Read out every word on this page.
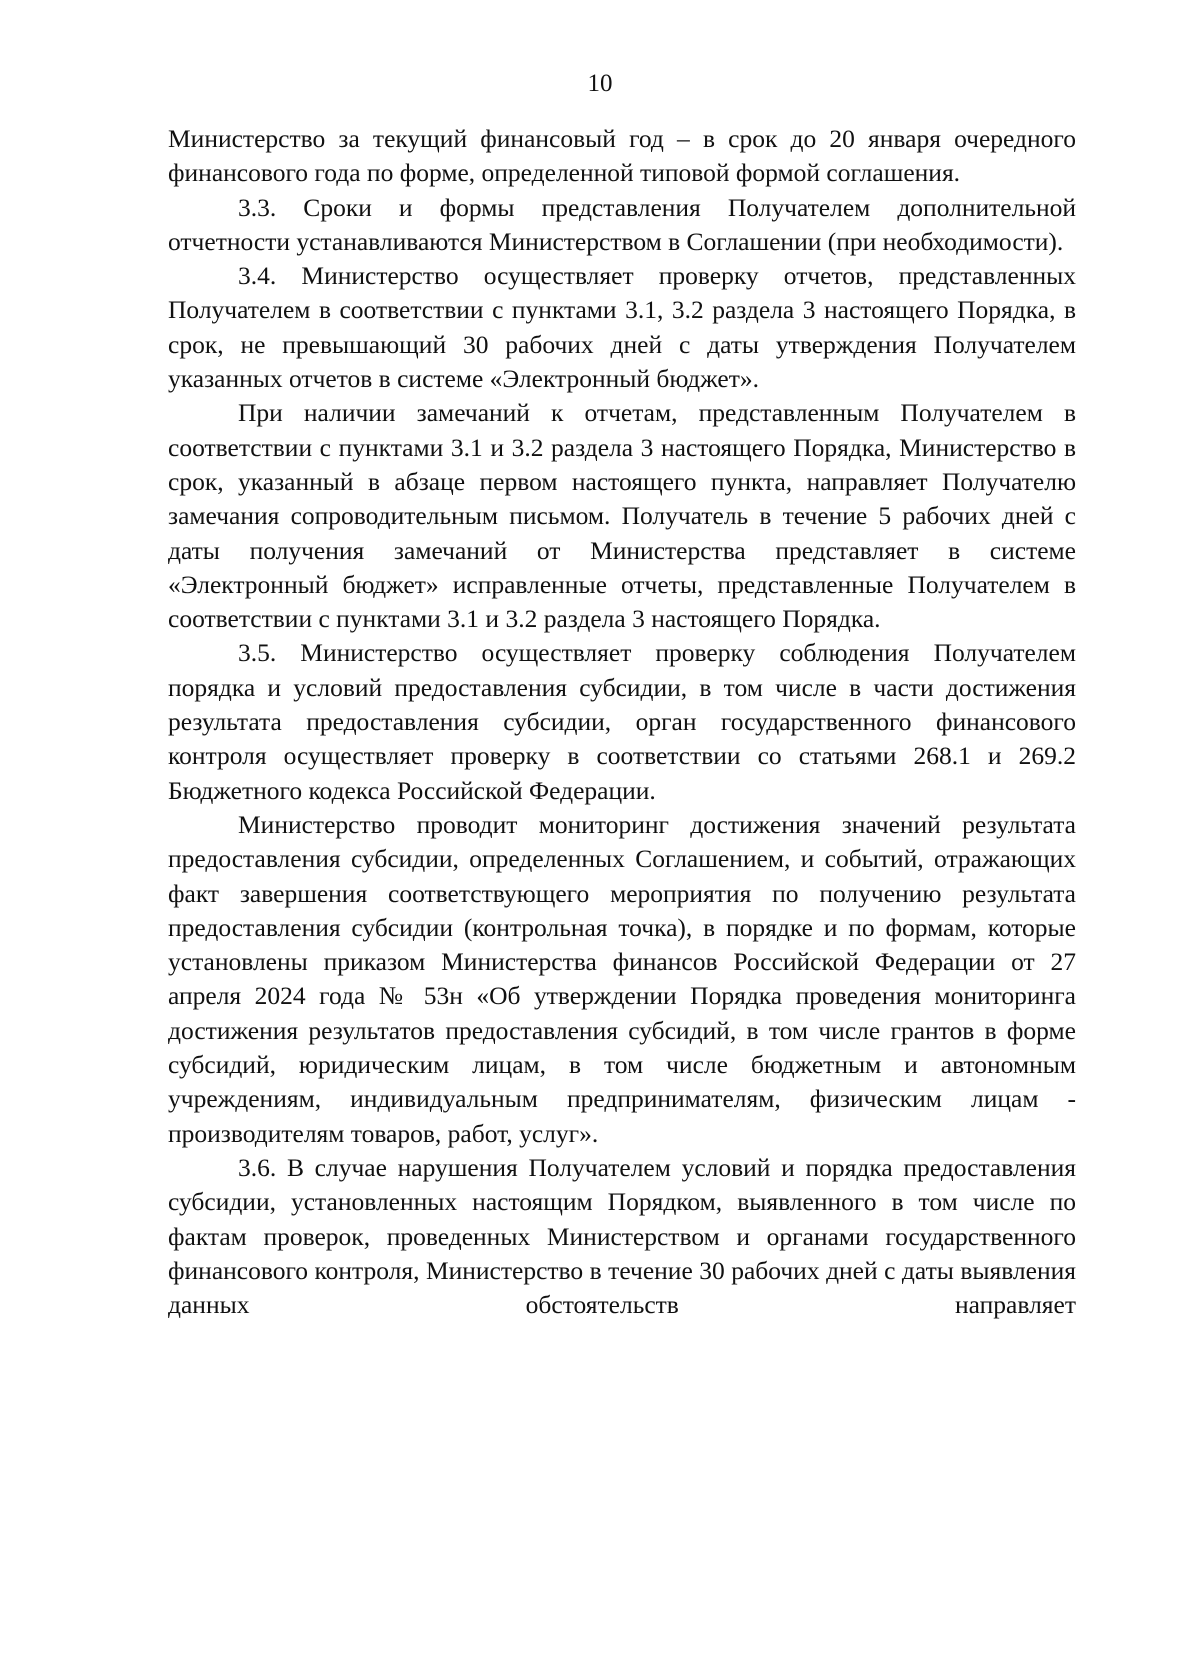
10

Министерство за текущий финансовый год – в срок до 20 января очередного финансового года по форме, определенной типовой формой соглашения.

3.3. Сроки и формы представления Получателем дополнительной отчетности устанавливаются Министерством в Соглашении (при необходимости).

3.4. Министерство осуществляет проверку отчетов, представленных Получателем в соответствии с пунктами 3.1, 3.2 раздела 3 настоящего Порядка, в срок, не превышающий 30 рабочих дней с даты утверждения Получателем указанных отчетов в системе «Электронный бюджет».

При наличии замечаний к отчетам, представленным Получателем в соответствии с пунктами 3.1 и 3.2 раздела 3 настоящего Порядка, Министерство в срок, указанный в абзаце первом настоящего пункта, направляет Получателю замечания сопроводительным письмом. Получатель в течение 5 рабочих дней с даты получения замечаний от Министерства представляет в системе «Электронный бюджет» исправленные отчеты, представленные Получателем в соответствии с пунктами 3.1 и 3.2 раздела 3 настоящего Порядка.

3.5. Министерство осуществляет проверку соблюдения Получателем порядка и условий предоставления субсидии, в том числе в части достижения результата предоставления субсидии, орган государственного финансового контроля осуществляет проверку в соответствии со статьями 268.1 и 269.2 Бюджетного кодекса Российской Федерации.

Министерство проводит мониторинг достижения значений результата предоставления субсидии, определенных Соглашением, и событий, отражающих факт завершения соответствующего мероприятия по получению результата предоставления субсидии (контрольная точка), в порядке и по формам, которые установлены приказом Министерства финансов Российской Федерации от 27 апреля 2024 года № 53н «Об утверждении Порядка проведения мониторинга достижения результатов предоставления субсидий, в том числе грантов в форме субсидий, юридическим лицам, в том числе бюджетным и автономным учреждениям, индивидуальным предпринимателям, физическим лицам - производителям товаров, работ, услуг».

3.6. В случае нарушения Получателем условий и порядка предоставления субсидии, установленных настоящим Порядком, выявленного в том числе по фактам проверок, проведенных Министерством и органами государственного финансового контроля, Министерство в течение 30 рабочих дней с даты выявления данных обстоятельств направляет
